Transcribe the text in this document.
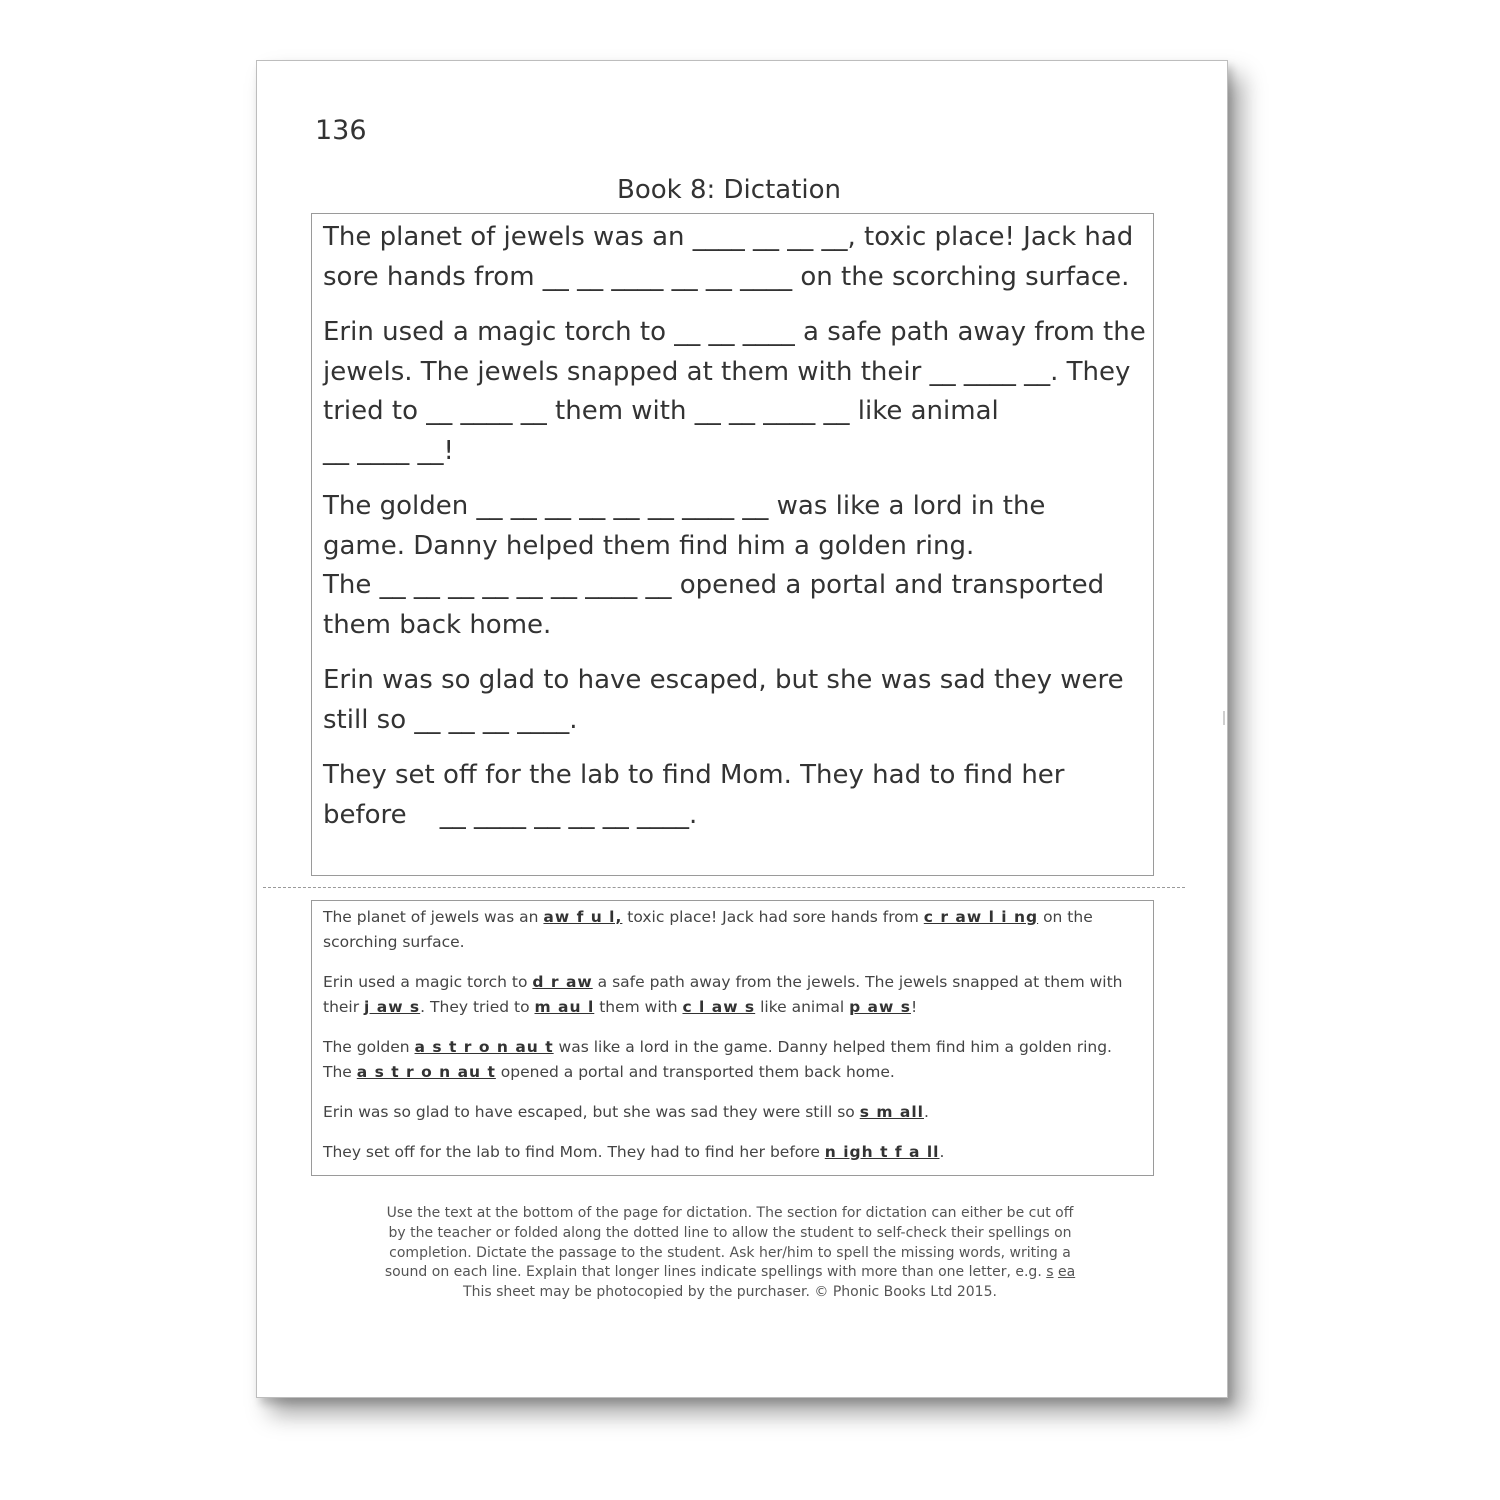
136
Book 8: Dictation

The planet of jewels was an ____ __ __ __, toxic place! Jack had
sore hands from __ __ ____ __ __ ____ on the scorching surface.

Erin used a magic torch to __ __ ____ a safe path away from the
jewels. The jewels snapped at them with their __ ____ __. They
tried to __ ____ __ them with __ __ ____ __ like animal
__ ____ __!

The golden __ __ __ __ __ __ ____ __ was like a lord in the
game. Danny helped them find him a golden ring.
The __ __ __ __ __ __ ____ __ opened a portal and transported
them back home.

Erin was so glad to have escaped, but she was sad they were
still so __ __ __ ____.

They set off for the lab to find Mom. They had to find her
before    __ ____ __ __ __ ____.

The planet of jewels was an aw f u l, toxic place! Jack had sore hands from c r aw l i ng on the scorching surface.

Erin used a magic torch to d r aw a safe path away from the jewels. The jewels snapped at them with their j aw s. They tried to m au l them with c l aw s like animal p aw s!

The golden a s t r o n au t was like a lord in the game. Danny helped them find him a golden ring. The a s t r o n au t opened a portal and transported them back home.

Erin was so glad to have escaped, but she was sad they were still so s m all.

They set off for the lab to find Mom. They had to find her before n igh t f a ll.

Use the text at the bottom of the page for dictation. The section for dictation can either be cut off by the teacher or folded along the dotted line to allow the student to self-check their spellings on completion. Dictate the passage to the student. Ask her/him to spell the missing words, writing a sound on each line. Explain that longer lines indicate spellings with more than one letter, e.g. s ea
This sheet may be photocopied by the purchaser. © Phonic Books Ltd 2015.
